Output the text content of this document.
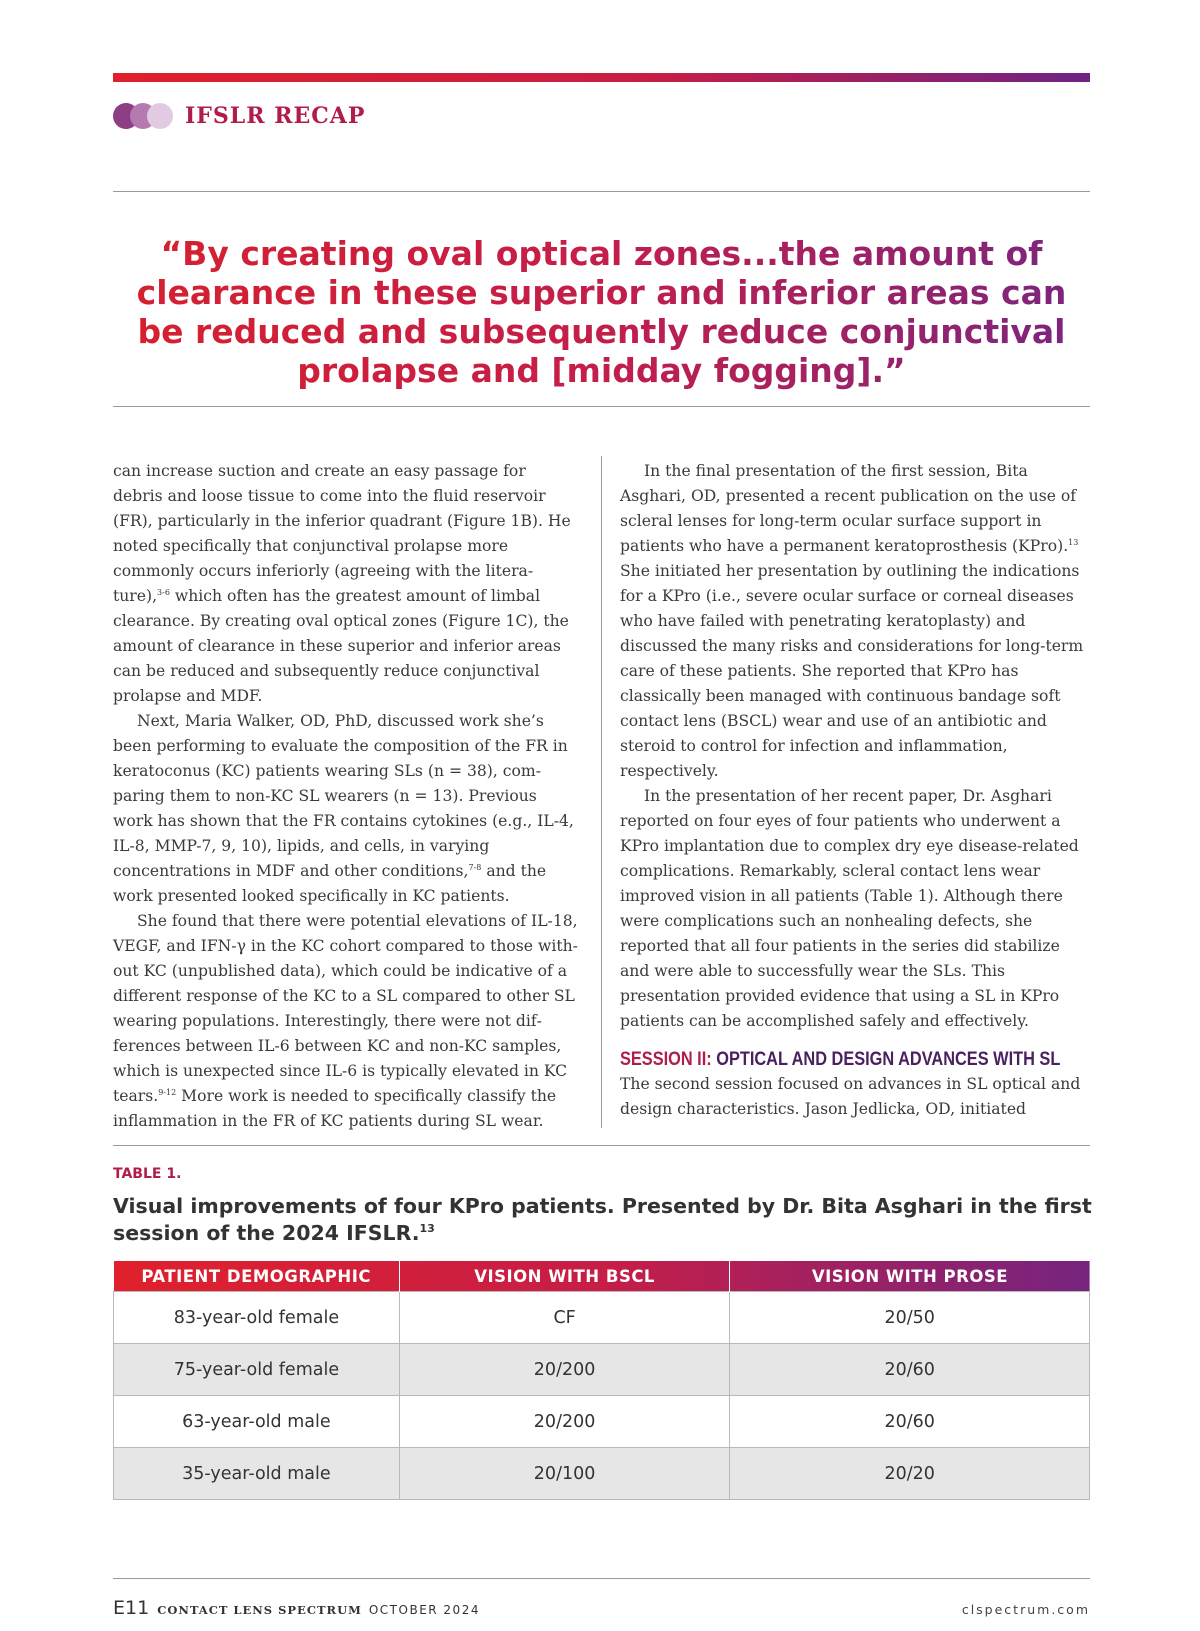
IFSLR RECAP
“By creating oval optical zones...the amount of clearance in these superior and inferior areas can be reduced and subsequently reduce conjunctival prolapse and [midday fogging].”

can increase suction and create an easy passage for debris and loose tissue to come into the fluid reservoir (FR), particularly in the inferior quadrant (Figure 1B). He noted specifically that conjunctival prolapse more commonly occurs inferiorly (agreeing with the literature),$^{3-6}$ which often has the greatest amount of limbal clearance. By creating oval optical zones (Figure 1C), the amount of clearance in these superior and inferior areas can be reduced and subsequently reduce conjunctival prolapse and MDF.

Next, Maria Walker, OD, PhD, discussed work she’s been performing to evaluate the composition of the FR in keratoconus (KC) patients wearing SLs (n = 38), comparing them to non-KC SL wearers (n = 13). Previous work has shown that the FR contains cytokines (e.g., IL-4, IL-8, MMP-7, 9, 10), lipids, and cells, in varying concentrations in MDF and other conditions,$^{7-8}$ and the work presented looked specifically in KC patients.

She found that there were potential elevations of IL-18, VEGF, and IFN-γ in the KC cohort compared to those without KC (unpublished data), which could be indicative of a different response of the KC to a SL compared to other SL wearing populations. Interestingly, there were not differences between IL-6 between KC and non-KC samples, which is unexpected since IL-6 is typically elevated in KC tears.$^{9-12}$ More work is needed to specifically classify the inflammation in the FR of KC patients during SL wear.

In the final presentation of the first session, Bita Asghari, OD, presented a recent publication on the use of scleral lenses for long-term ocular surface support in patients who have a permanent keratoprosthesis (KPro).$^{13}$ She initiated her presentation by outlining the indications for a KPro (i.e., severe ocular surface or corneal diseases who have failed with penetrating keratoplasty) and discussed the many risks and considerations for long-term care of these patients. She reported that KPro has classically been managed with continuous bandage soft contact lens (BSCL) wear and use of an antibiotic and steroid to control for infection and inflammation, respectively.

In the presentation of her recent paper, Dr. Asghari reported on four eyes of four patients who underwent a KPro implantation due to complex dry eye disease-related complications. Remarkably, scleral contact lens wear improved vision in all patients (Table 1). Although there were complications such an nonhealing defects, she reported that all four patients in the series did stabilize and were able to successfully wear the SLs. This presentation provided evidence that using a SL in KPro patients can be accomplished safely and effectively.

SESSION II: OPTICAL AND DESIGN ADVANCES WITH SL

The second session focused on advances in SL optical and design characteristics. Jason Jedlicka, OD, initiated

TABLE 1.
Visual improvements of four KPro patients. Presented by Dr. Bita Asghari in the first session of the 2024 IFSLR.$^{13}$
PATIENT DEMOGRAPHIC	VISION WITH BSCL	VISION WITH PROSE
83-year-old female	CF	20/50
75-year-old female	20/200	20/60
63-year-old male	20/200	20/60
35-year-old male	20/100	20/20
E11 CONTACT LENS SPECTRUM OCTOBER 2024	clspectrum.com
